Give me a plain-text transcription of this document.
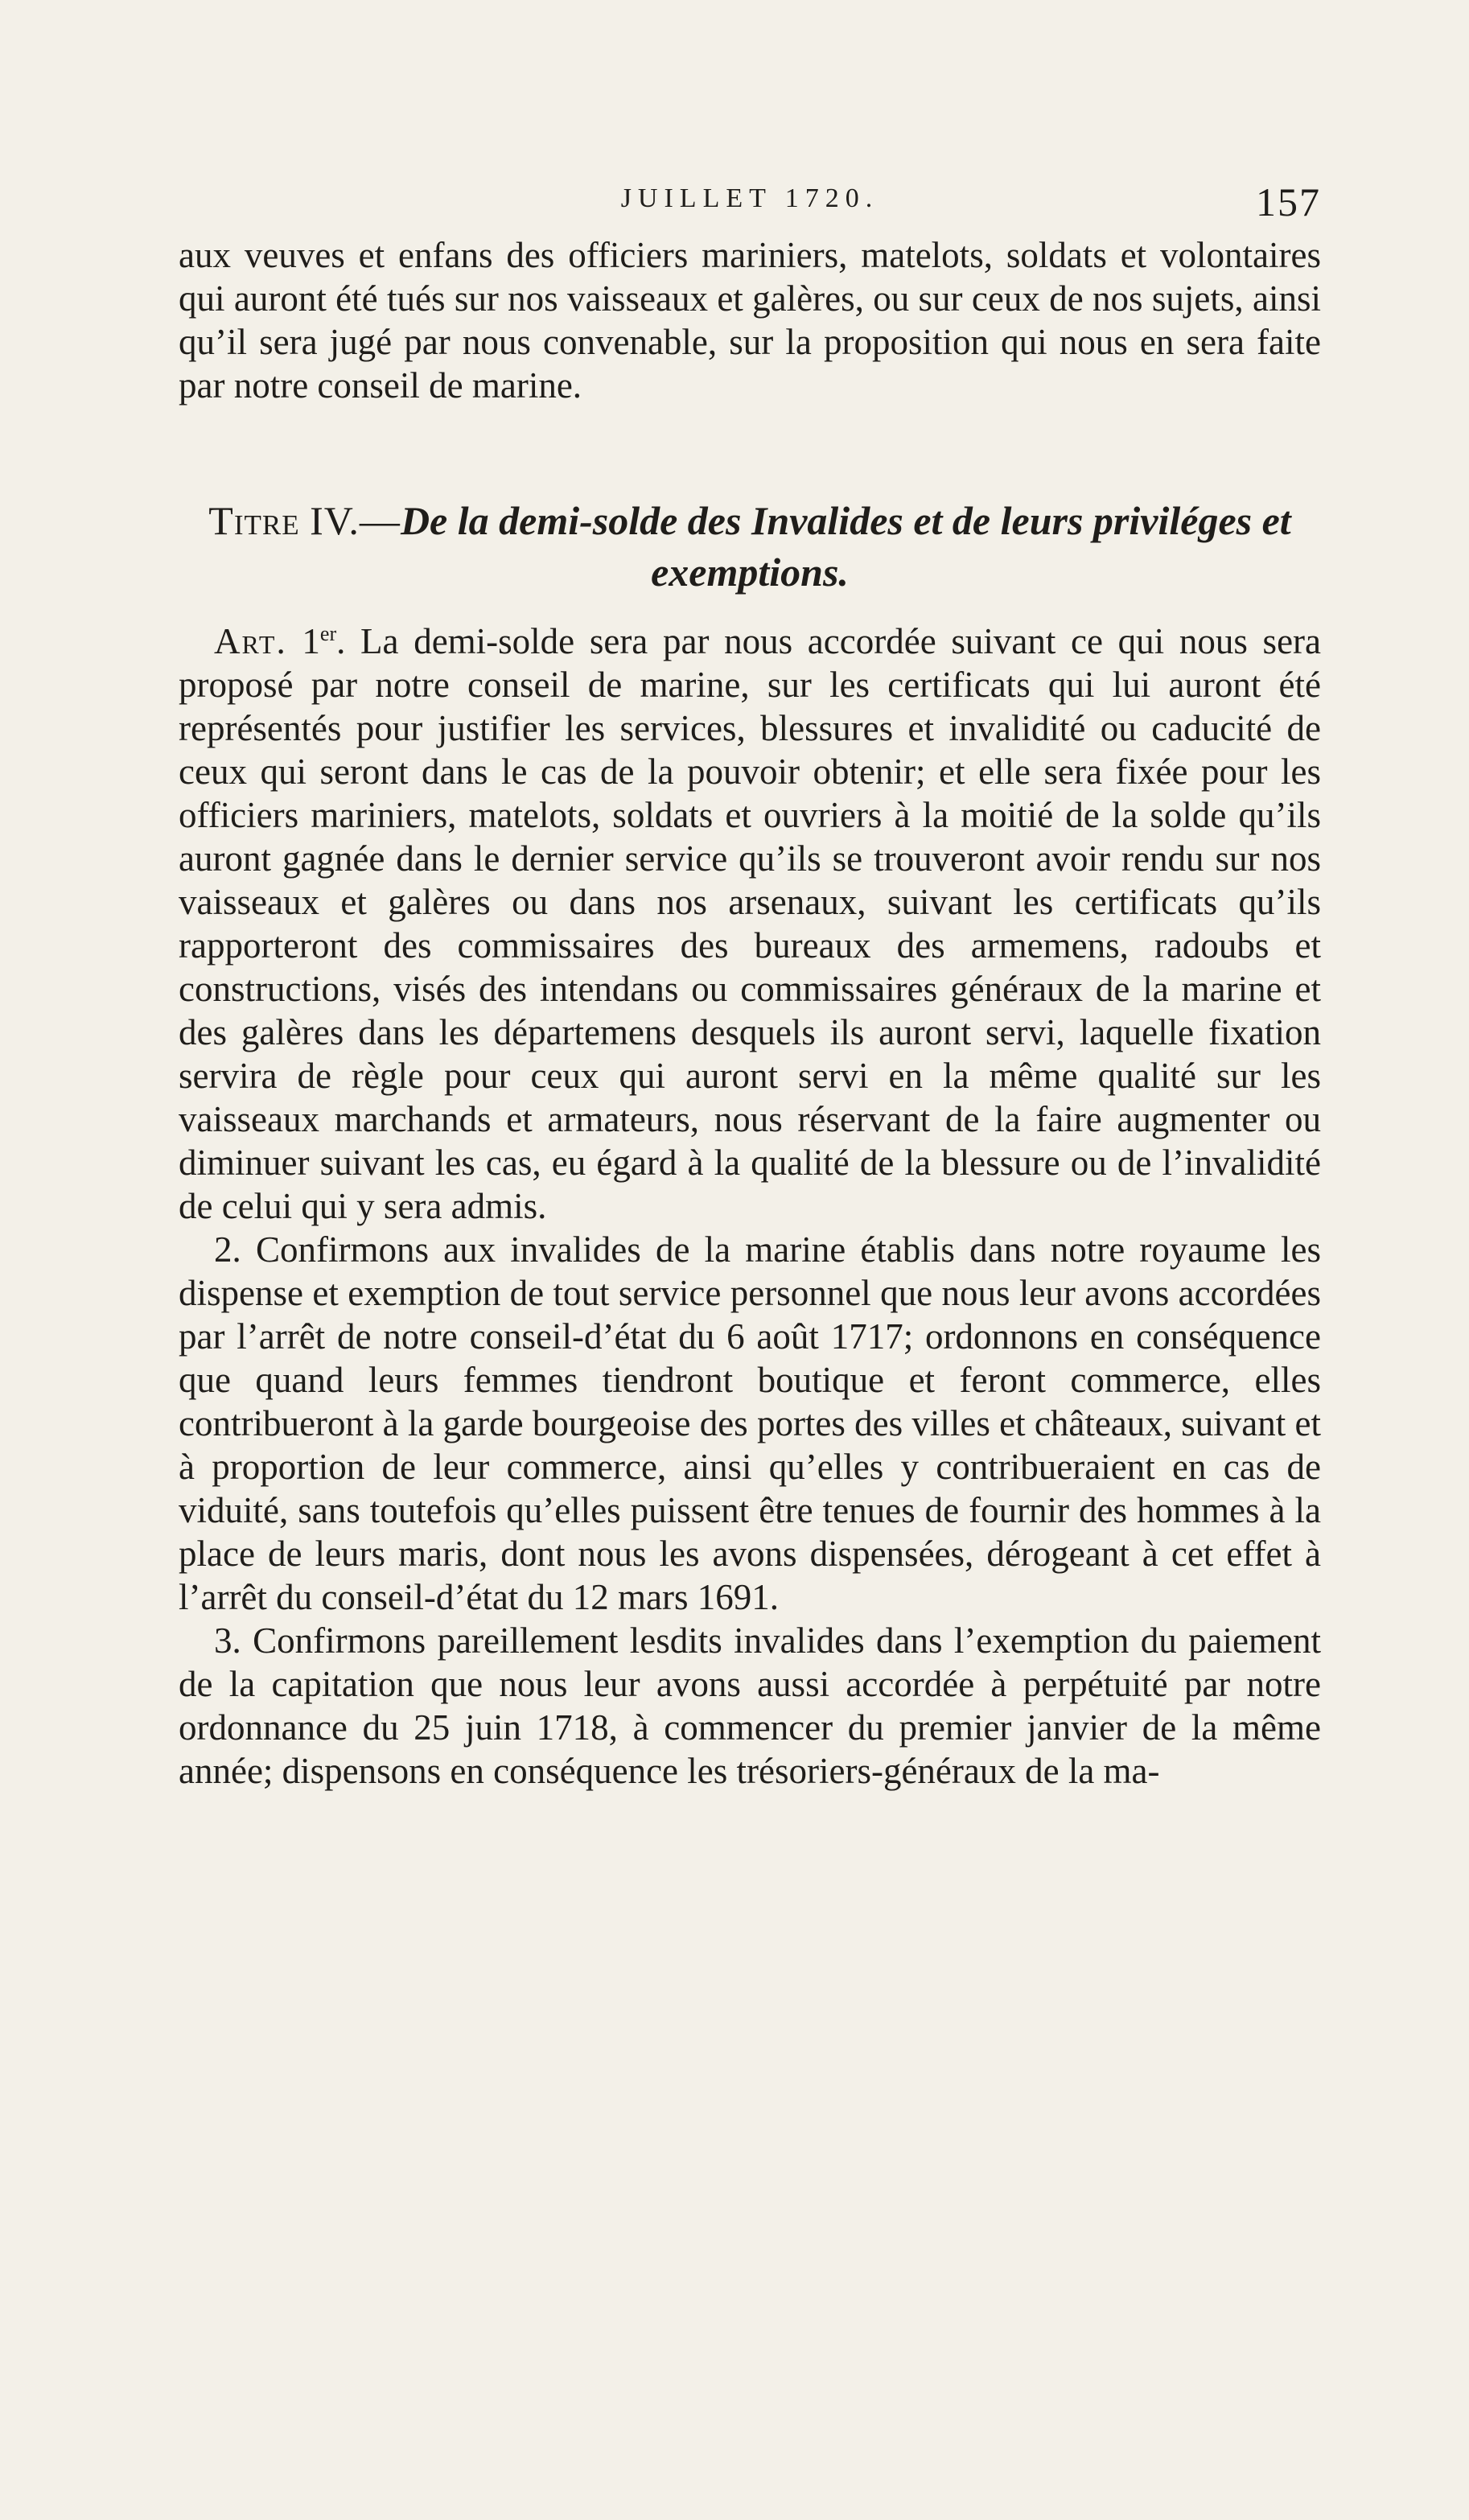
JUILLET 1720.	157

aux veuves et enfans des officiers mariniers, matelots, soldats et volontaires qui auront été tués sur nos vaisseaux et galères, ou sur ceux de nos sujets, ainsi qu’il sera jugé par nous convenable, sur la proposition qui nous en sera faite par notre conseil de marine.

Titre IV.—De la demi-solde des Invalides et de leurs priviléges et exemptions.

Art. 1er. La demi-solde sera par nous accordée suivant ce qui nous sera proposé par notre conseil de marine, sur les certificats qui lui auront été représentés pour justifier les services, blessures et invalidité ou caducité de ceux qui seront dans le cas de la pouvoir obtenir; et elle sera fixée pour les officiers mariniers, matelots, soldats et ouvriers à la moitié de la solde qu’ils auront gagnée dans le dernier service qu’ils se trouveront avoir rendu sur nos vaisseaux et galères ou dans nos arsenaux, suivant les certificats qu’ils rapporteront des commissaires des bureaux des armemens, radoubs et constructions, visés des intendans ou commissaires généraux de la marine et des galères dans les départemens desquels ils auront servi, laquelle fixation servira de règle pour ceux qui auront servi en la même qualité sur les vaisseaux marchands et armateurs, nous réservant de la faire augmenter ou diminuer suivant les cas, eu égard à la qualité de la blessure ou de l’invalidité de celui qui y sera admis.

2. Confirmons aux invalides de la marine établis dans notre royaume les dispense et exemption de tout service personnel que nous leur avons accordées par l’arrêt de notre conseil-d’état du 6 août 1717; ordonnons en conséquence que quand leurs femmes tiendront boutique et feront commerce, elles contribueront à la garde bourgeoise des portes des villes et châteaux, suivant et à proportion de leur commerce, ainsi qu’elles y contribueraient en cas de viduité, sans toutefois qu’elles puissent être tenues de fournir des hommes à la place de leurs maris, dont nous les avons dispensées, dérogeant à cet effet à l’arrêt du conseil-d’état du 12 mars 1691.

3. Confirmons pareillement lesdits invalides dans l’exemption du paiement de la capitation que nous leur avons aussi accordée à perpétuité par notre ordonnance du 25 juin 1718, à commencer du premier janvier de la même année; dispensons en conséquence les trésoriers-généraux de la ma-
